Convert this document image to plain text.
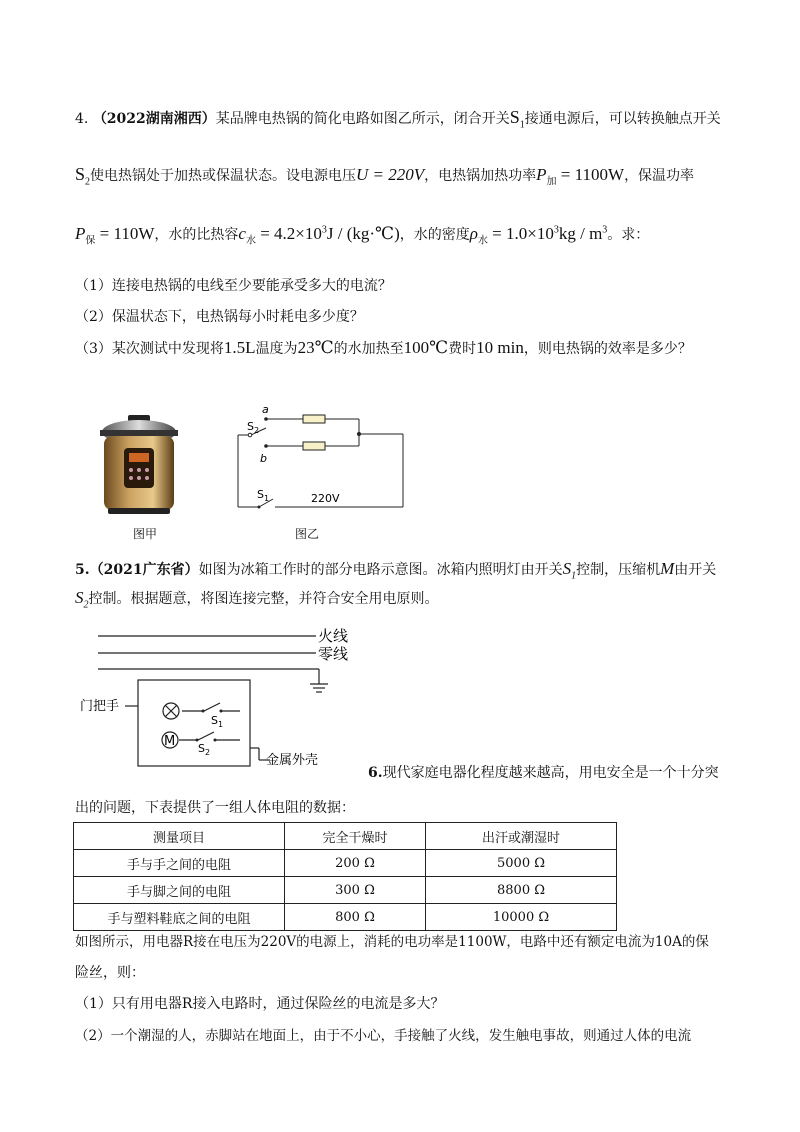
4. （2022湖南湘西）某品牌电热锅的简化电路如图乙所示，闭合开关$S_1$接通电源后，可以转换触点开关
$S_2$使电热锅处于加热或保温状态。设电源电压U = 220V，电热锅加热功率$P_加 = 1100W$，保温功率
$P_保 = 110W$，水的比热容$c_水 = 4.2\times 10^3J$ / (kg·℃)，水的密度$\rho_水 = 1.0\times 10^3kg / m^3$。求：
（1）连接电热锅的电线至少要能承受多大的电流？
（2）保温状态下，电热锅每小时耗电多少度？
（3）某次测试中发现将1.5L温度为23℃的水加热至100℃费时10 min，则电热锅的效率是多少？
图甲
a
b
$S_2$
$S_1$	220V
图乙
5.（2021广东省）如图为冰箱工作时的部分电路示意图。冰箱内照明灯由开关$S_1$控制，压缩机M由开关
$S_2$控制。根据题意，将图连接完整，并符合安全用电原则。
M
火线
零线
门把手
金属外壳
$S_1$
$S_2$
6.现代家庭电器化程度越来越高，用电安全是一个十分突
出的问题，下表提供了一组人体电阻的数据：
测量项目	完全干燥时	出汗或潮湿时
手与手之间的电阻	200 Ω	5000 Ω
手与脚之间的电阻	300 Ω	8800 Ω
手与塑料鞋底之间的电阻	800 Ω	10000 Ω
如图所示，用电器R接在电压为220V的电源上，消耗的电功率是1100W，电路中还有额定电流为10A的保
险丝，则：
（1）只有用电器R接入电路时，通过保险丝的电流是多大？
（2）一个潮湿的人，赤脚站在地面上，由于不小心，手接触了火线，发生触电事故，则通过人体的电流
